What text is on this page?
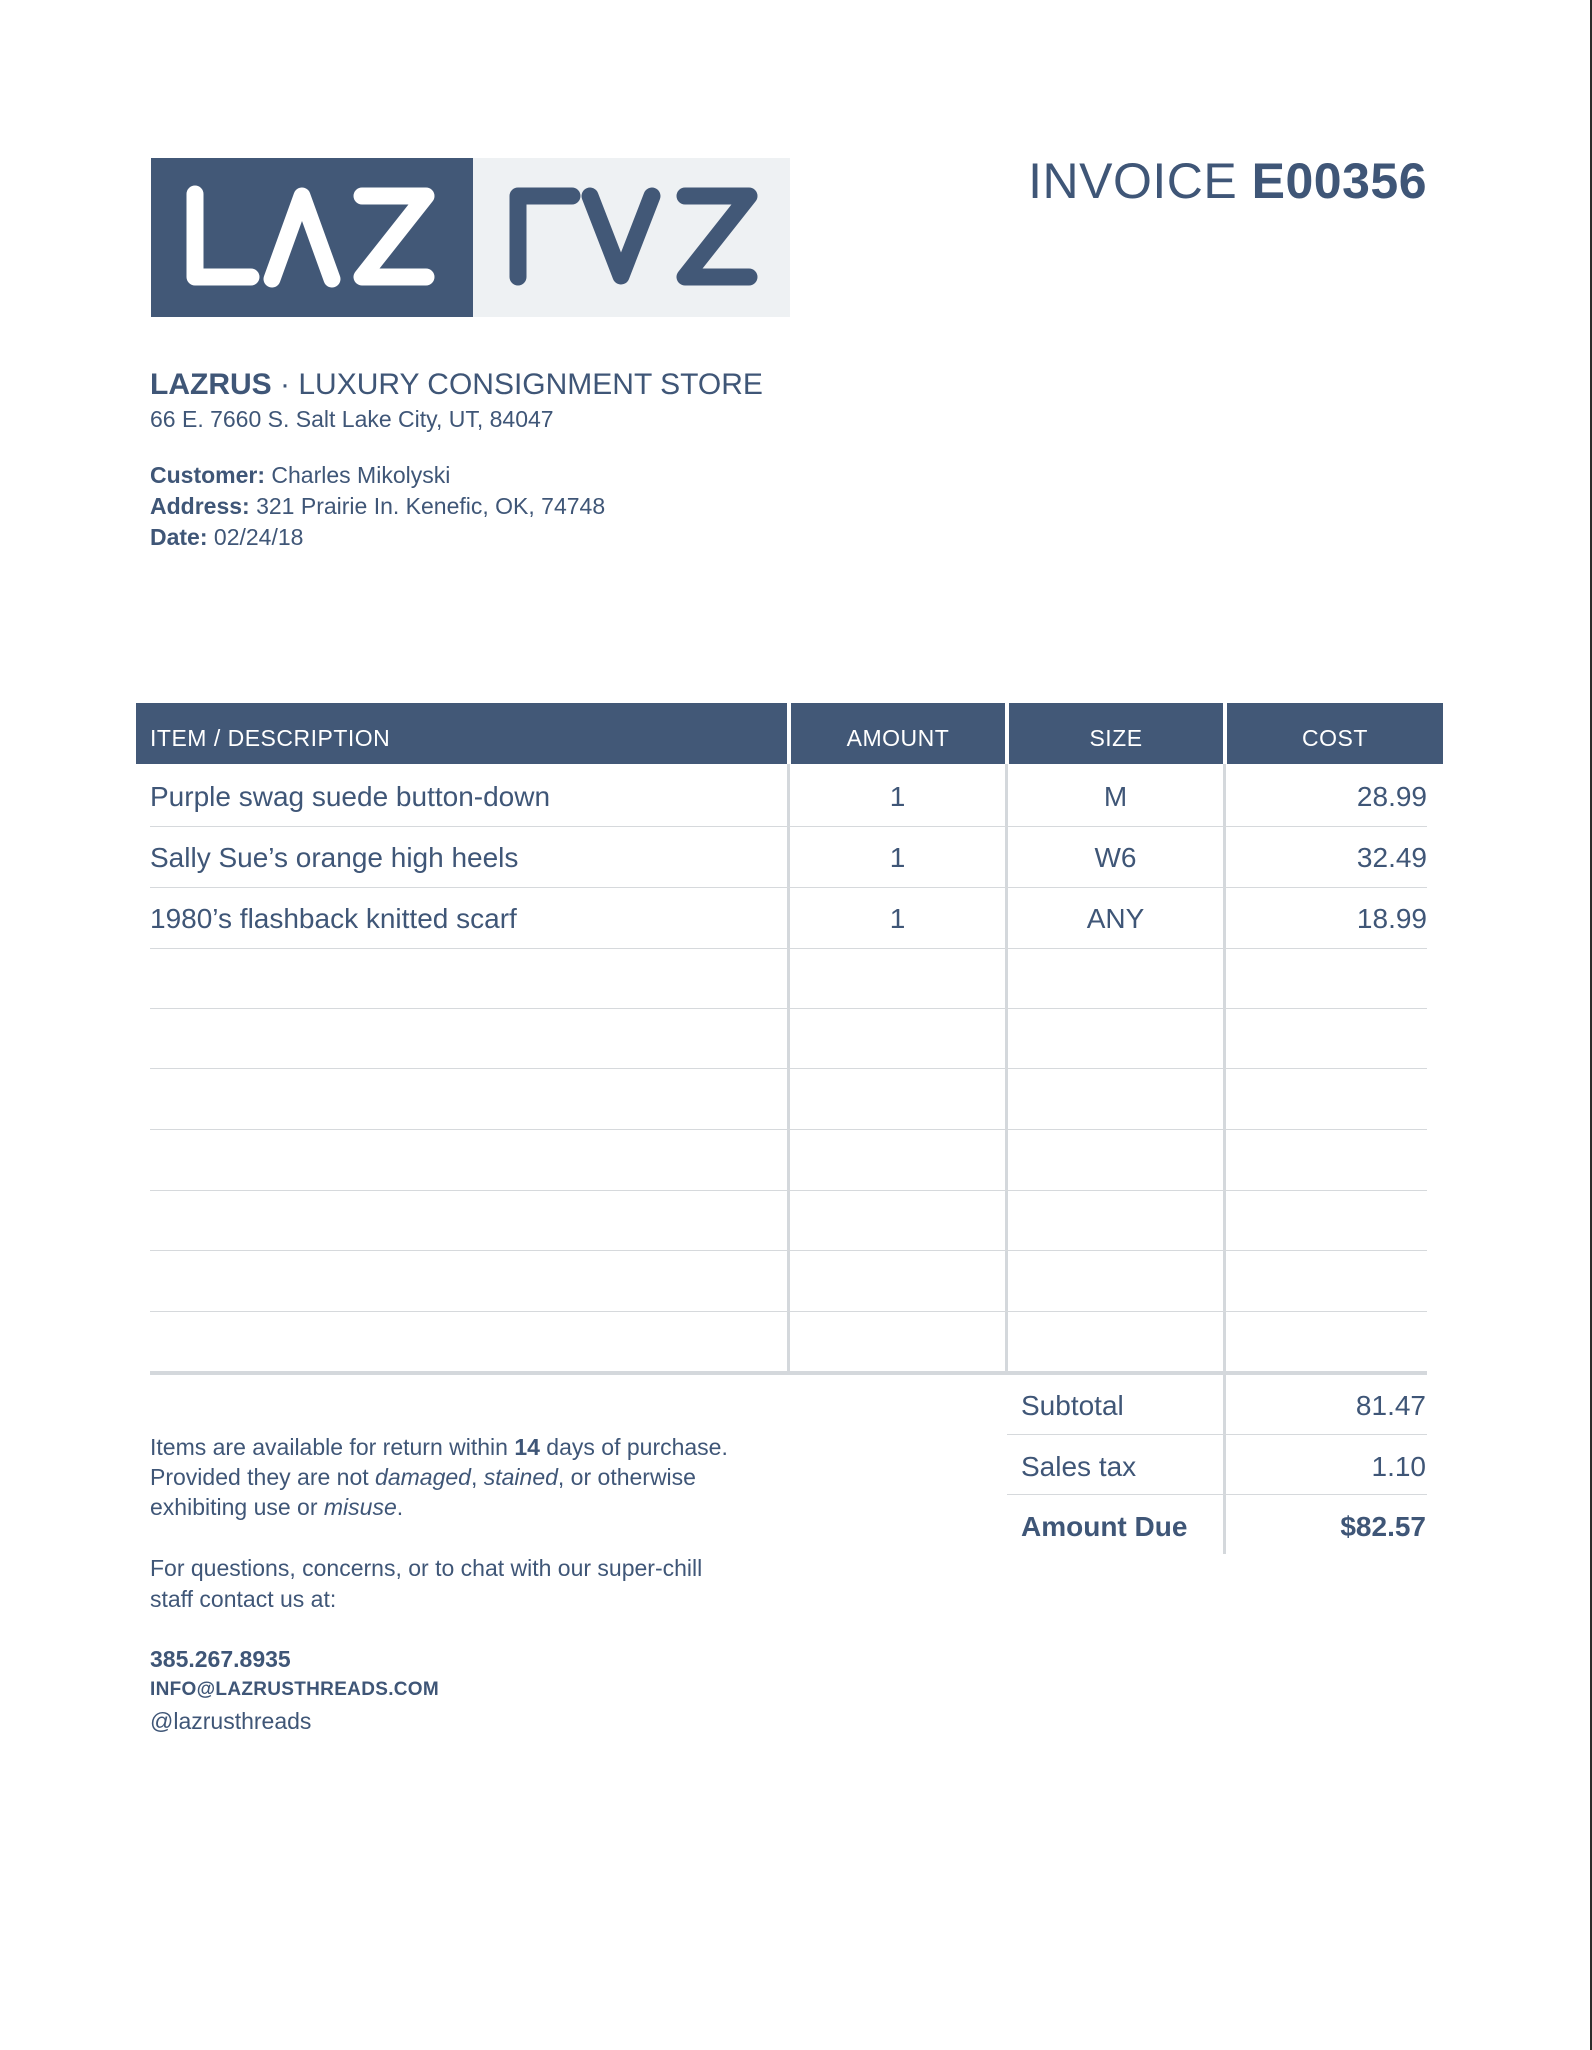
INVOICE E00356
LAZRUS · LUXURY CONSIGNMENT STORE
66 E. 7660 S. Salt Lake City, UT, 84047
Customer: Charles Mikolyski
Address: 321 Prairie In. Kenefic, OK, 74748
Date: 02/24/18
ITEM / DESCRIPTION	AMOUNT	SIZE	COST
Purple swag suede button-down	1	M	28.99
Sally Sue’s orange high heels	1	W6	32.49
1980’s flashback knitted scarf	1	ANY	18.99
Subtotal	81.47
Sales tax	1.10
Amount Due	$82.57
Items are available for return within 14 days of purchase.
Provided they are not damaged, stained, or otherwise
exhibiting use or misuse.
For questions, concerns, or to chat with our super-chill
staff contact us at:
385.267.8935
INFO@LAZRUSTHREADS.COM
@lazrusthreads
